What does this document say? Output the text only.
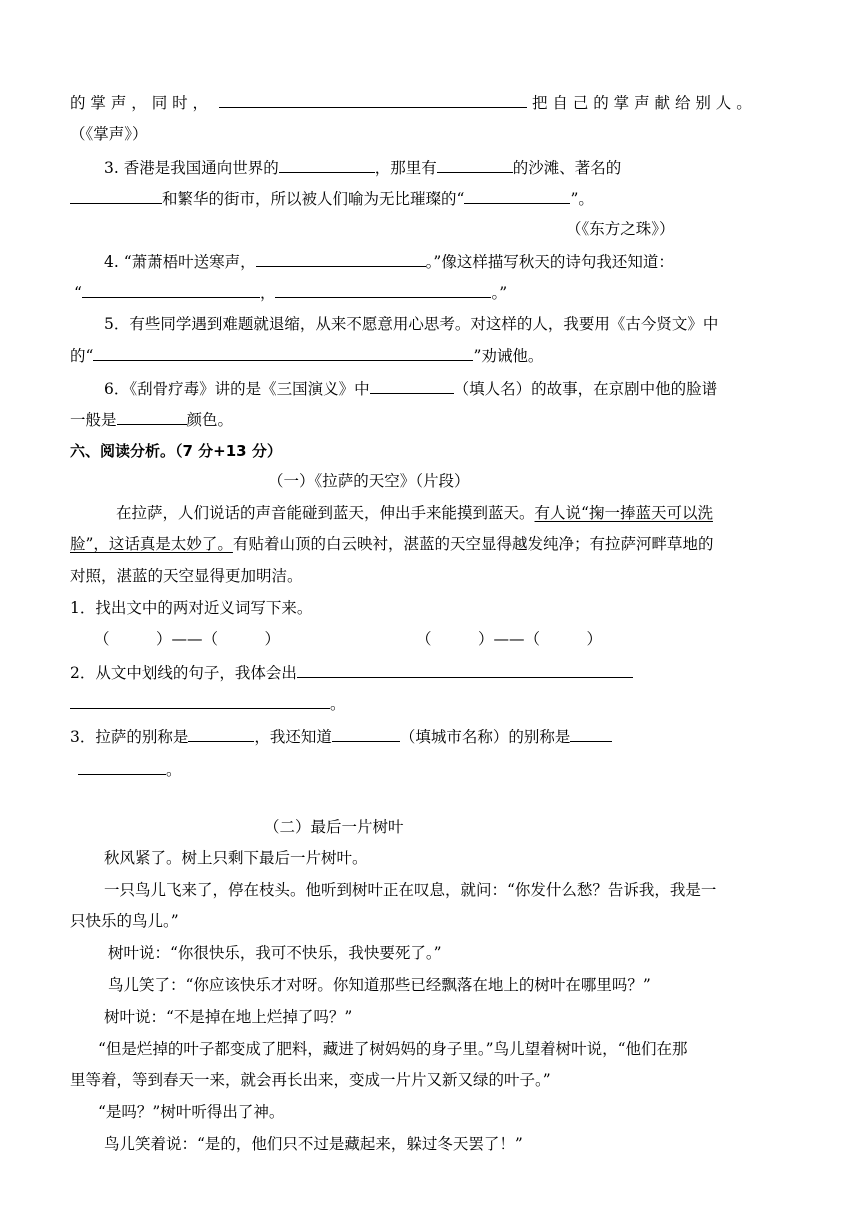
的 掌 声 ， 同 时 ，	把 自 己 的 掌 声 献 给 别 人 。
（《掌声》）
3. 香港是我国通向世界的	，那里有	的沙滩、著名的
和繁华的街市，所以被人们喻为无比璀璨的“	”。
（《东方之珠》）
4. “萧萧梧叶送寒声，	。”像这样描写秋天的诗句我还知道：
“	，	。”
5．有些同学遇到难题就退缩，从来不愿意用心思考。对这样的人，我要用《古今贤文》中
的“	”劝诫他。
6．《刮骨疗毒》讲的是《三国演义》中	（填人名）的故事，在京剧中他的脸谱
一般是	颜色。
六、阅读分析。（7 分+13 分）
（一）《拉萨的天空》（片段）
在拉萨，人们说话的声音能碰到蓝天，伸出手来能摸到蓝天。有人说“掬一捧蓝天可以洗
脸”，这话真是太妙了。有贴着山顶的白云映衬，湛蓝的天空显得越发纯净；有拉萨河畔草地的
对照，湛蓝的天空显得更加明洁。
1．找出文中的两对近义词写下来。
（　　　）——（　　　）	（　　　）——（　　　）
2．从文中划线的句子，我体会出
。
3．拉萨的别称是	，我还知道	（填城市名称）的别称是
。
（二）最后一片树叶
秋风紧了。树上只剩下最后一片树叶。
一只鸟儿飞来了，停在枝头。他听到树叶正在叹息，就问：“你发什么愁？告诉我，我是一
只快乐的鸟儿。”
树叶说：“你很快乐，我可不快乐，我快要死了。”
鸟儿笑了：“你应该快乐才对呀。你知道那些已经飘落在地上的树叶在哪里吗？”
树叶说：“不是掉在地上烂掉了吗？”
“但是烂掉的叶子都变成了肥料，藏进了树妈妈的身子里。”鸟儿望着树叶说，“他们在那
里等着，等到春天一来，就会再长出来，变成一片片又新又绿的叶子。”
“是吗？”树叶听得出了神。
鸟儿笑着说：“是的，他们只不过是藏起来，躲过冬天罢了！”
